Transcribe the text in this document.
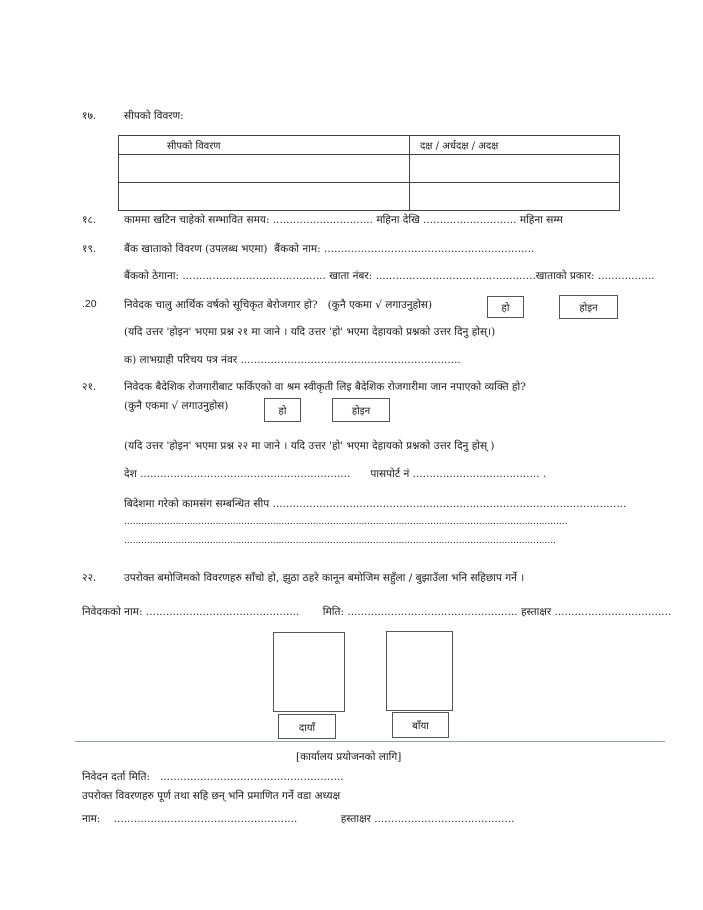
१७.	सीपको विवरण:
सीपको विवरण	दक्ष / अर्धदक्ष / अदक्ष

१८.	काममा खटिन चाहेको सम्भावित समय: .............................. महिना देखि ............................ महिना सम्म
१९.	बैंक खाताको विवरण (उपलब्ध भएमा) बैंकको नाम: ...............................................................
बैंकको ठेगाना: ........................................... खाता नंबर: ................................................खाताको प्रकार: .................
.20	निवेदक चालु आर्थिक वर्षको सूचिकृत बेरोजगार हो? (कुनै एकमा √ लगाउनुहोस)	हो	होइन
(यदि उत्तर 'होइन' भएमा प्रश्न २१ मा जाने । यदि उत्तर 'हो' भएमा देहायको प्रश्नको उत्तर दिनु होस्।)
क) लाभग्राही परिचय पत्र नंवर ..................................................................
२१.	निवेदक बैदेशिक रोजगारीबाट फर्किएको वा श्रम स्वीकृती लिइ बैदेशिक रोजगारीमा जान नपाएको व्यक्ति हो?
(कुनै एकमा √ लगाउनुहोस)	हो	होइन
(यदि उत्तर 'होइन' भएमा प्रश्न २२ मा जाने । यदि उत्तर 'हो' भएमा देहायको प्रश्नको उत्तर दिनु होस् )
देश ............................................................... पासपोर्ट नं ...................................... .
बिदेशमा गरेको कामसंग सम्बन्धित सीप ..........................................................................................................
...........................................................................................................................................................
.......................................................................................................................................................
२२.	उपरोक्त बमोजिमको विवरणहरु साँचो हो, झुठा ठहरे कानून बमोजिम सहुँला / बुझाउँला भनि सहिछाप गर्ने ।
निवेदकको नाम: .............................................. मिति: ................................................... हस्ताक्षर ...................................
दायाँ	बाँया
[कार्यालय प्रयोजनको लागि]
निवेदन दर्ता मिति: .......................................................
उपरोक्त विवरणहरु पूर्ण तथा सहि छन् भनि प्रमाणित गर्ने वडा अध्यक्ष
नाम: .......................................................	हस्ताक्षर ..........................................
